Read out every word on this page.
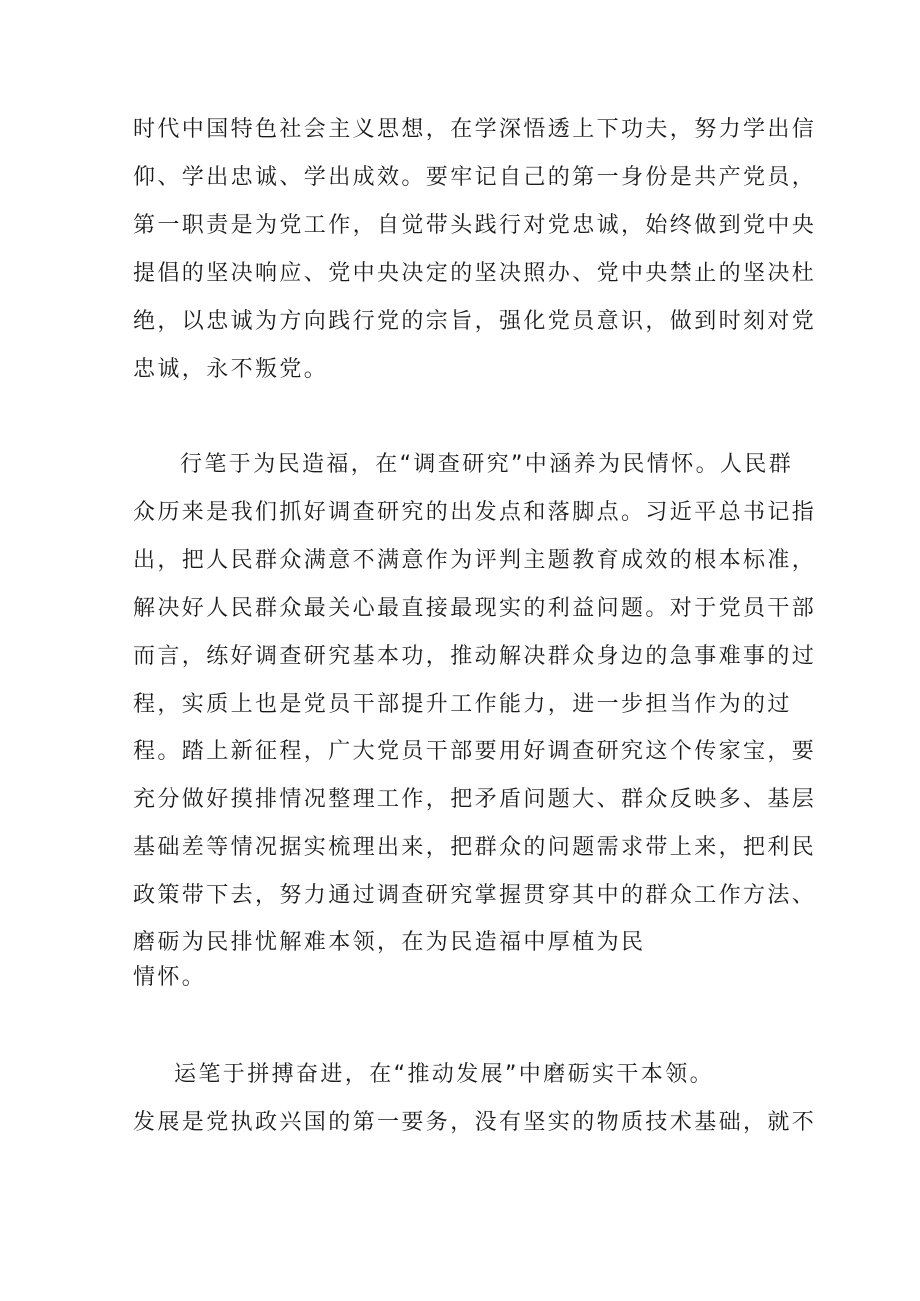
时代中国特色社会主义思想，在学深悟透上下功夫，努力学出信

仰、学出忠诚、学出成效。要牢记自己的第一身份是共产党员，

第一职责是为党工作，自觉带头践行对党忠诚，始终做到党中央

提倡的坚决响应、党中央决定的坚决照办、党中央禁止的坚决杜

绝，以忠诚为方向践行党的宗旨，强化党员意识，做到时刻对党

忠诚，永不叛党。

行笔于为民造福，在“调查研究”中涵养为民情怀。人民群

众历来是我们抓好调查研究的出发点和落脚点。习近平总书记指

出，把人民群众满意不满意作为评判主题教育成效的根本标准，

解决好人民群众最关心最直接最现实的利益问题。对于党员干部

而言，练好调查研究基本功，推动解决群众身边的急事难事的过

程，实质上也是党员干部提升工作能力，进一步担当作为的过

程。踏上新征程，广大党员干部要用好调查研究这个传家宝，要

充分做好摸排情况整理工作，把矛盾问题大、群众反映多、基层

基础差等情况据实梳理出来，把群众的问题需求带上来，把利民

政策带下去，努力通过调查研究掌握贯穿其中的群众工作方法、

磨砺为民排忧解难本领，在为民造福中厚植为民

情怀。

运笔于拼搏奋进，在“推动发展”中磨砺实干本领。

发展是党执政兴国的第一要务，没有坚实的物质技术基础，就不
